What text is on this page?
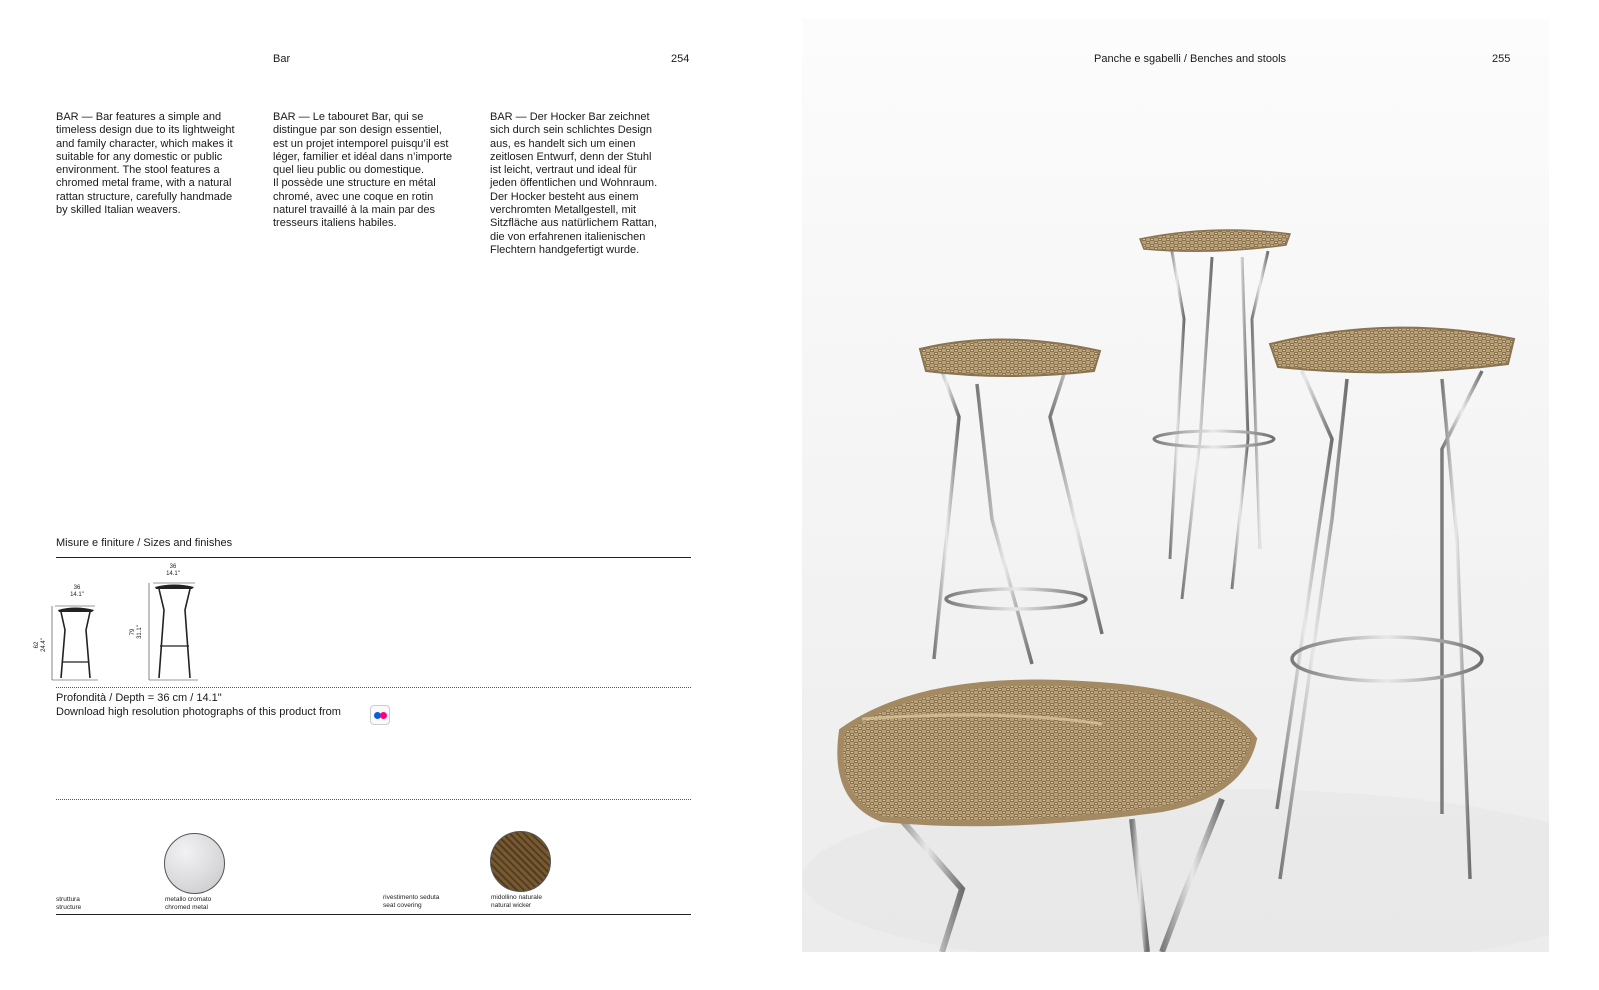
Bar	254

BAR — Bar features a simple and
timeless design due to its lightweight
and family character, which makes it
suitable for any domestic or public
environment. The stool features a
chromed metal frame, with a natural
rattan structure, carefully handmade
by skilled Italian weavers.

BAR — Le tabouret Bar, qui se
distingue par son design essentiel,
est un projet intemporel puisqu’il est
léger, familier et idéal dans n’importe
quel lieu public ou domestique.
Il possède une structure en métal
chromé, avec une coque en rotin
naturel travaillé à la main par des
tresseurs italiens habiles.

BAR — Der Hocker Bar zeichnet
sich durch sein schlichtes Design
aus, es handelt sich um einen
zeitlosen Entwurf, denn der Stuhl
ist leicht, vertraut und ideal für
jeden öffentlichen und Wohnraum.
Der Hocker besteht aus einem
verchromten Metallgestell, mit
Sitzfläche aus natürlichem Rattan,
die von erfahrenen italienischen
Flechtern handgefertigt wurde.

Misure e finiture / Sizes and finishes
36
14.1"
62
24.4"
36
14.1"
79
31.1"
Profondità / Depth = 36 cm / 14.1"
Download high resolution photographs of this product from
struttura
structure
metallo cromato
chromed metal
rivestimento seduta
seat covering
midollino naturale
natural wicker
Panche e sgabelli / Benches and stools	255
